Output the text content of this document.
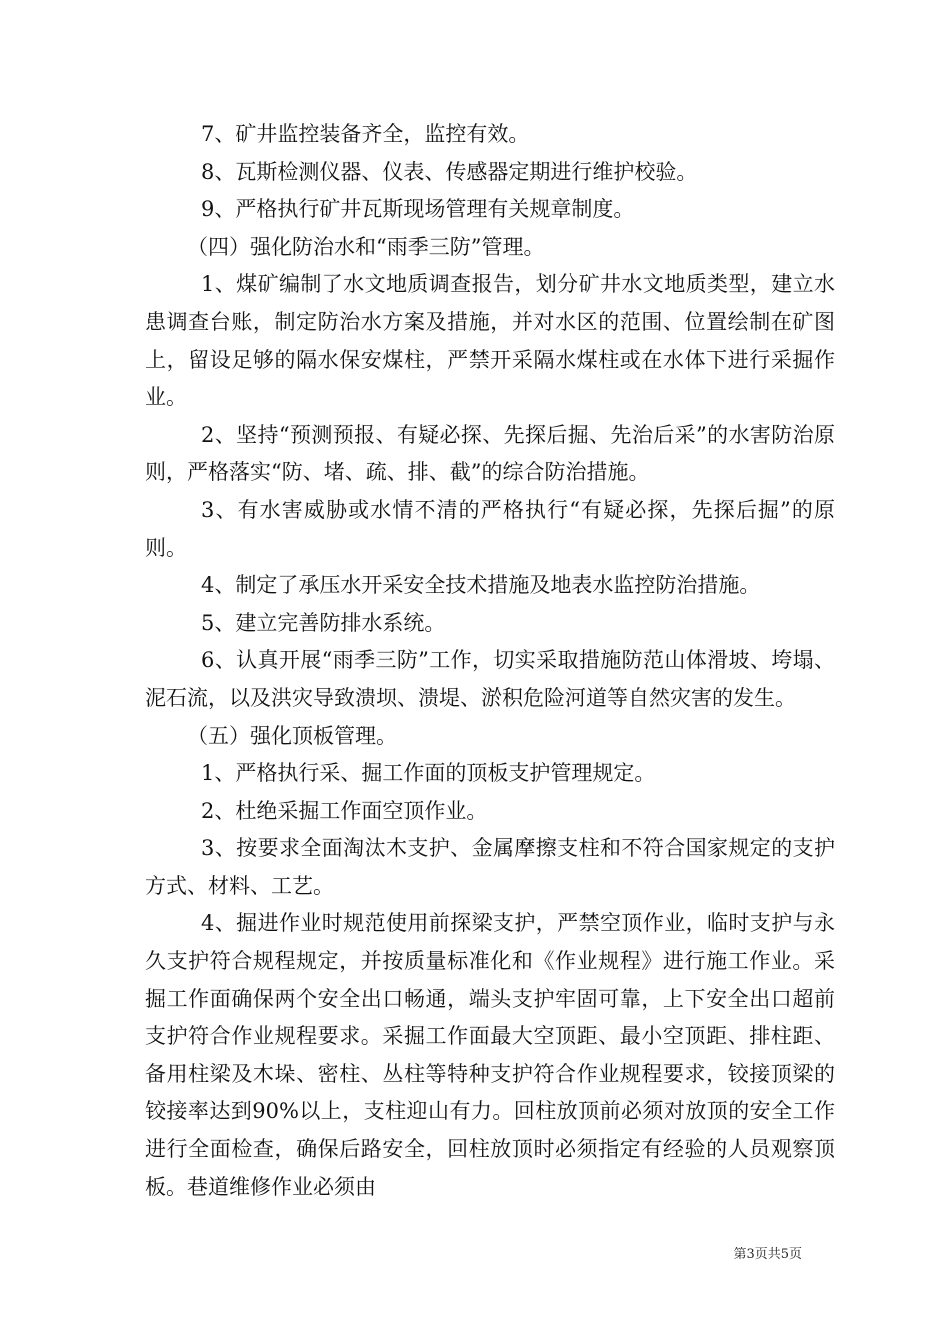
7、矿井监控装备齐全，监控有效。

8、瓦斯检测仪器、仪表、传感器定期进行维护校验。

9、严格执行矿井瓦斯现场管理有关规章制度。

（四）强化防治水和“雨季三防”管理。

1、煤矿编制了水文地质调查报告，划分矿井水文地质类型，建立水患调查台账，制定防治水方案及措施，并对水区的范围、位置绘制在矿图上，留设足够的隔水保安煤柱，严禁开采隔水煤柱或在水体下进行采掘作业。

2、坚持“预测预报、有疑必探、先探后掘、先治后采”的水害防治原则，严格落实“防、堵、疏、排、截”的综合防治措施。

3、有水害威胁或水情不清的严格执行“有疑必探，先探后掘”的原则。

4、制定了承压水开采安全技术措施及地表水监控防治措施。

5、建立完善防排水系统。

6、认真开展“雨季三防”工作，切实采取措施防范山体滑坡、垮塌、泥石流，以及洪灾导致溃坝、溃堤、淤积危险河道等自然灾害的发生。

（五）强化顶板管理。

1、严格执行采、掘工作面的顶板支护管理规定。

2、杜绝采掘工作面空顶作业。

3、按要求全面淘汰木支护、金属摩擦支柱和不符合国家规定的支护方式、材料、工艺。

4、掘进作业时规范使用前探梁支护，严禁空顶作业，临时支护与永久支护符合规程规定，并按质量标准化和《作业规程》进行施工作业。采掘工作面确保两个安全出口畅通，端头支护牢固可靠，上下安全出口超前支护符合作业规程要求。采掘工作面最大空顶距、最小空顶距、排柱距、备用柱梁及木垛、密柱、丛柱等特种支护符合作业规程要求，铰接顶梁的铰接率达到90%以上，支柱迎山有力。回柱放顶前必须对放顶的安全工作进行全面检查，确保后路安全，回柱放顶时必须指定有经验的人员观察顶板。巷道维修作业必须由

第3页共5页
